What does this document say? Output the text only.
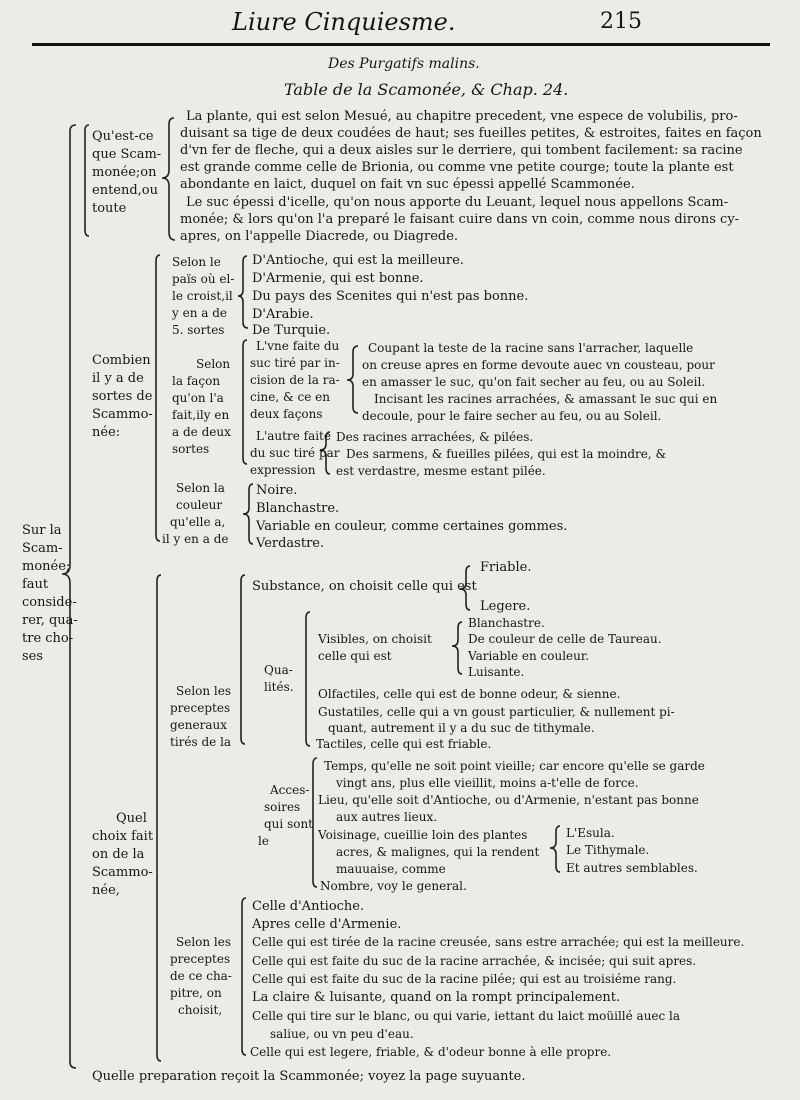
Liure Cinquiesme.	215
Des Purgatifs malins.
Table de la Scamonée, & Chap. 24.
Sur la
Scam-
monée;
faut
conside-
rer, qua-
tre cho-
ses
Qu'est-ce
que Scam-
monée;on
entend,ou
toute
La plante, qui est selon Mesué, au chapitre precedent, vne espece de volubilis, pro-
duisant sa tige de deux coudées de haut; ses fueilles petites, & estroites, faites en façon
d'vn fer de fleche, qui a deux aisles sur le derriere, qui tombent facilement: sa racine
est grande comme celle de Brionia, ou comme vne petite courge; toute la plante est
abondante en laict, duquel on fait vn suc épessi appellé Scammonée.
Le suc épessi d'icelle, qu'on nous apporte du Leuant, lequel nous appellons Scam-
monée; & lors qu'on l'a preparé le faisant cuire dans vn coin, comme nous dirons cy-
apres, on l'appelle Diacrede, ou Diagrede.
Combien
il y a de
sortes de
Scammo-
née:
Selon le
païs où el-
le croist,il
y en a de
5. sortes
D'Antioche, qui est la meilleure.
D'Armenie, qui est bonne.
Du pays des Scenites qui n'est pas bonne.
D'Arabie.
De Turquie.
Selon
la façon
qu'on l'a
fait,ily en
a de deux
sortes
L'vne faite du
suc tiré par in-
cision de la ra-
cine, & ce en
deux façons
Coupant la teste de la racine sans l'arracher, laquelle
on creuse apres en forme devoute auec vn cousteau, pour
en amasser le suc, qu'on fait secher au feu, ou au Soleil.
Incisant les racines arrachées, & amassant le suc qui en
decoule, pour le faire secher au feu, ou au Soleil.
L'autre faite
du suc tiré par
expression
Des racines arrachées, & pilées.
Des sarmens, & fueilles pilées, qui est la moindre, &
est verdastre, mesme estant pilée.
Selon la
couleur
qu'elle a,
il y en a de
Noire.
Blanchastre.
Variable en couleur, comme certaines gommes.
Verdastre.
Quel
choix fait
on de la
Scammo-
née,
Selon les
preceptes
generaux
tirés de la
Substance, on choisit celle qui est
Friable.
Legere.
Qua-
lités.
Visibles, on choisit
celle qui est
Blanchastre.
De couleur de celle de Taureau.
Variable en couleur.
Luisante.
Olfactiles, celle qui est de bonne odeur, & sienne.
Gustatiles, celle qui a vn goust particulier, & nullement pi-
quant, autrement il y a du suc de tithymale.
Tactiles, celle qui est friable.
Acces-
soires
qui sont
le
Temps, qu'elle ne soit point vieille; car encore qu'elle se garde
vingt ans, plus elle vieillit, moins a-t'elle de force.
Lieu, qu'elle soit d'Antioche, ou d'Armenie, n'estant pas bonne
aux autres lieux.
Voisinage, cueillie loin des plantes
acres, & malignes, qui la rendent
mauuaise, comme
Nombre, voy le general.
L'Esula.
Le Tithymale.
Et autres semblables.
Selon les
preceptes
de ce cha-
pitre, on
choisit,
Celle d'Antioche.
Apres celle d'Armenie.
Celle qui est tirée de la racine creusée, sans estre arrachée; qui est la meilleure.
Celle qui est faite du suc de la racine arrachée, & incisée; qui suit apres.
Celle qui est faite du suc de la racine pilée; qui est au troisiéme rang.
La claire & luisante, quand on la rompt principalement.
Celle qui tire sur le blanc, ou qui varie, iettant du laict moüillé auec la
saliue, ou vn peu d'eau.
Celle qui est legere, friable, & d'odeur bonne à elle propre.
Quelle preparation reçoit la Scammonée; voyez la page suyuante.
